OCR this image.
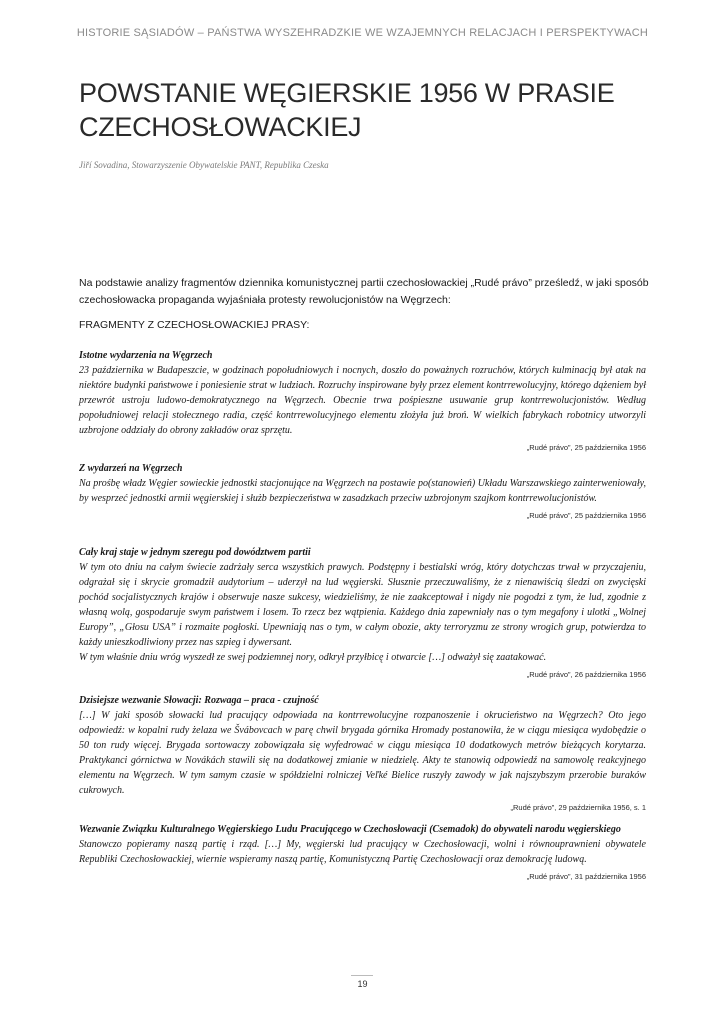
HISTORIE SĄSIADÓW – PAŃSTWA WYSZEHRADZKIE WE WZAJEMNYCH RELACJACH I PERSPEKTYWACH
POWSTANIE WĘGIERSKIE 1956 W PRASIE CZECHOSŁOWACKIEJ
Jiří Sovadina, Stowarzyszenie Obywatelskie PANT, Republika Czeska
Na podstawie analizy fragmentów dziennika komunistycznej partii czechosłowackiej „Rudé právo” prześledź, w jaki sposób czechosłowacka propaganda wyjaśniała protesty rewolucjonistów na Węgrzech:
FRAGMENTY Z CZECHOSŁOWACKIEJ PRASY:
Istotne wydarzenia na Węgrzech
23 października w Budapeszcie, w godzinach popołudniowych i nocnych, doszło do poważnych rozruchów, których kulminacją był atak na niektóre budynki państwowe i poniesienie strat w ludziach. Rozruchy inspirowane były przez element kontrrewolucyjny, którego dążeniem był przewrót ustroju ludowo-demokratycznego na Węgrzech. Obecnie trwa pośpieszne usuwanie grup kontrrewolucjonistów. Według popołudniowej relacji stołecznego radia, część kontrrewolucyjnego elementu złożyła już broń. W wielkich fabrykach robotnicy utworzyli uzbrojone oddziały do obrony zakładów oraz sprzętu.
„Rudé právo”, 25 października 1956
Z wydarzeń na Węgrzech
Na prośbę władz Węgier sowieckie jednostki stacjonujące na Węgrzech na postawie po(stanowień) Układu Warszawskiego zainterweniowały, by wesprzeć jednostki armii węgierskiej i służb bezpieczeństwa w zasadzkach przeciw uzbrojonym szajkom kontrrewolucjonistów.
„Rudé právo”, 25 października 1956
Cały kraj staje w jednym szeregu pod dowództwem partii
W tym oto dniu na całym świecie zadrżały serca wszystkich prawych. Podstępny i bestialski wróg, który dotychczas trwał w przyczajeniu, odgrażał się i skrycie gromadził audytorium – uderzył na lud węgierski. Słusznie przeczuwaliśmy, że z nienawiścią śledzi on zwycięski pochód socjalistycznych krajów i obserwuje nasze sukcesy, wiedzieliśmy, że nie zaakceptował i nigdy nie pogodzi z tym, że lud, zgodnie z własną wolą, gospodaruje swym państwem i losem. To rzecz bez wątpienia. Każdego dnia zapewniały nas o tym megafony i ulotki „Wolnej Europy”, „Głosu USA” i rozmaite pogłoski. Upewniają nas o tym, w całym obozie, akty terroryzmu ze strony wrogich grup, potwierdza to każdy unieszkodliwiony przez nas szpieg i dywersant.
W tym właśnie dniu wróg wyszedł ze swej podziemnej nory, odkrył przyłbicę i otwarcie […] odważył się zaatakować.
„Rudé právo”, 26 października 1956
Dzisiejsze wezwanie Słowacji: Rozwaga – praca - czujność
[…] W jaki sposób słowacki lud pracujący odpowiada na kontrrewolucyjne rozpanoszenie i okrucieństwo na Węgrzech? Oto jego odpowiedź: w kopalni rudy żelaza we Švábovcach w parę chwil brygada górnika Hromady postanowiła, że w ciągu miesiąca wydobędzie o 50 ton rudy więcej. Brygada sortowaczy zobowiązała się wyfedrować w ciągu miesiąca 10 dodatkowych metrów bieżących korytarza. Praktykanci górnictwa w Novákách stawili się na dodatkowej zmianie w niedzielę. Akty te stanowią odpowiedź na samowolę reakcyjnego elementu na Węgrzech. W tym samym czasie w spółdzielni rolniczej Veľké Bielice ruszyły zawody w jak najszybszym przerobie buraków cukrowych.
„Rudé právo”, 29 października 1956, s. 1
Wezwanie Związku Kulturalnego Węgierskiego Ludu Pracującego w Czechosłowacji (Csemadok) do obywateli narodu węgierskiego
Stanowczo popieramy naszą partię i rząd. […] My, węgierski lud pracujący w Czechosłowacji, wolni i równouprawnieni obywatele Republiki Czechosłowackiej, wiernie wspieramy naszą partię, Komunistyczną Partię Czechosłowacji oraz demokrację ludową.
„Rudé právo”, 31 października 1956
19
